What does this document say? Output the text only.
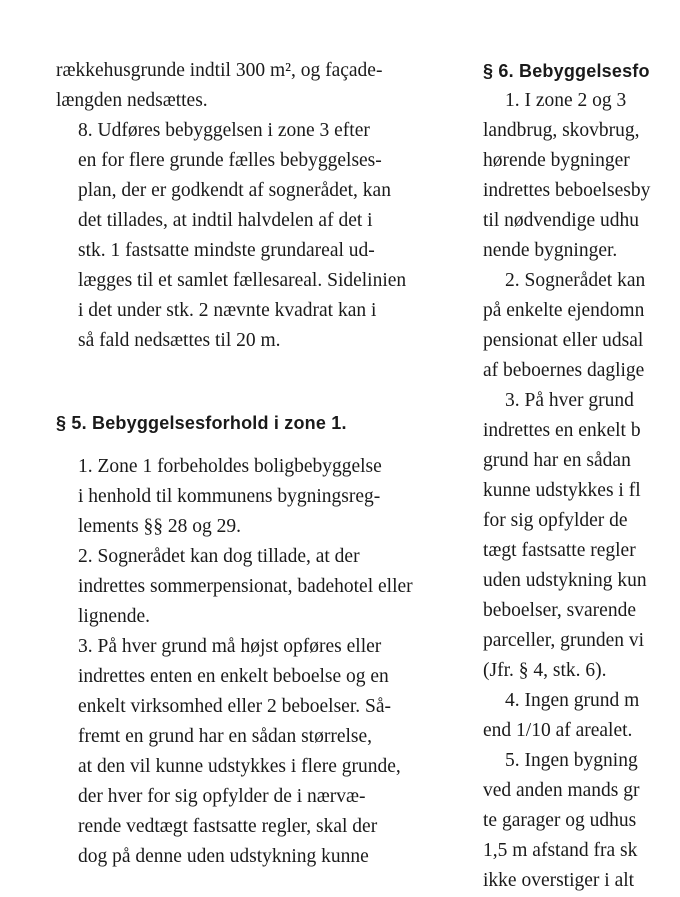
rækkehusgrunde indtil 300 m², og façade-
længden nedsættes.

8. Udføres bebyggelsen i zone 3 efter
en for flere grunde fælles bebyggelses-
plan, der er godkendt af sognerådet, kan
det tillades, at indtil halvdelen af det i
stk. 1 fastsatte mindste grundareal ud-
lægges til et samlet fællesareal. Sidelinien
i det under stk. 2 nævnte kvadrat kan i
så fald nedsættes til 20 m.

§ 5. Bebyggelsesforhold i zone 1.

1. Zone 1 forbeholdes boligbebyggelse
i henhold til kommunens bygningsreg-
lements §§ 28 og 29.

2. Sognerådet kan dog tillade, at der
indrettes sommerpensionat, badehotel eller
lignende.

3. På hver grund må højst opføres eller
indrettes enten en enkelt beboelse og en
enkelt virksomhed eller 2 beboelser. Så-
fremt en grund har en sådan størrelse,
at den vil kunne udstykkes i flere grunde,
der hver for sig opfylder de i nærvæ-
rende vedtægt fastsatte regler, skal der
dog på denne uden udstykning kunne

§ 6. Bebyggelsesfo

1. I zone 2 og 3

landbrug, skovbrug,
hørende bygninger
indrettes beboelsesby
til nødvendige udhu
nende bygninger.

2. Sognerådet kan

på enkelte ejendomn
pensionat eller udsal
af beboernes daglige

3. På hver grund

indrettes en enkelt b
grund har en sådan
kunne udstykkes i fl
for sig opfylder de
tægt fastsatte regler
uden udstykning kun
beboelser, svarende
parceller, grunden vi
(Jfr. § 4, stk. 6).

4. Ingen grund m

end 1/10 af arealet.

5. Ingen bygning

ved anden mands gr
te garager og udhus
1,5 m afstand fra sk
ikke overstiger i alt
